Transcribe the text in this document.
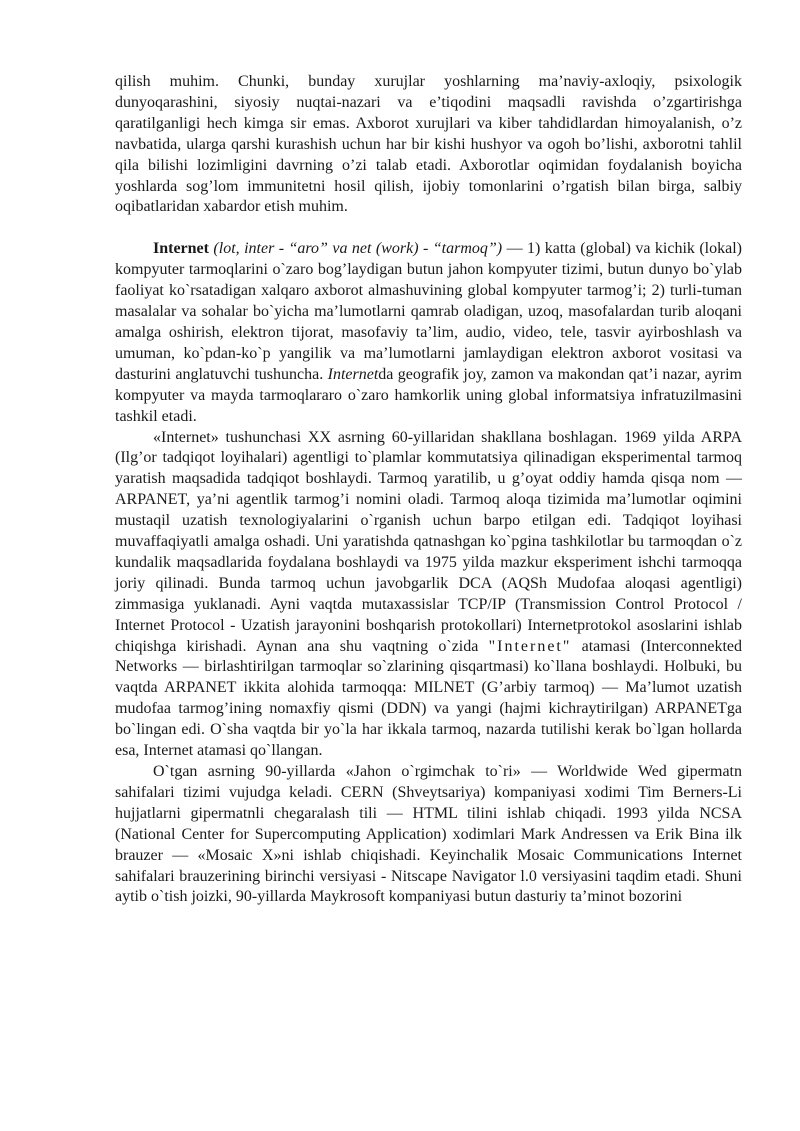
qilish muhim. Chunki, bunday xurujlar yoshlarning ma’naviy-axloqiy, psixologik dunyoqarashini, siyosiy nuqtai-nazari va e’tiqodini maqsadli ravishda o’zgartirishga qaratilganligi hech kimga sir emas. Axborot xurujlari va kiber tahdidlardan himoyalanish, o’z navbatida, ularga qarshi kurashish uchun har bir kishi hushyor va ogoh bo’lishi, axborotni tahlil qila bilishi lozimligini davrning o’zi talab etadi. Axborotlar oqimidan foydalanish boyicha yoshlarda sog’lom immunitetni hosil qilish, ijobiy tomonlarini o’rgatish bilan birga, salbiy oqibatlaridan xabardor etish muhim.

Internet (lot, inter - “aro” va net (work) - “tarmoq”) — 1) katta (global) va kichik (lokal) kompyuter tarmoqlarini o`zaro bog’laydigan butun jahon kompyuter tizimi, butun dunyo bo`ylab faoliyat ko`rsatadigan xalqaro axborot almashuvining global kompyuter tarmog’i; 2) turli-tuman masalalar va sohalar bo`yicha ma’lumotlarni qamrab oladigan, uzoq, masofalardan turib aloqani amalga oshirish, elektron tijorat, masofaviy ta’lim, audio, video, tele, tasvir ayirboshlash va umuman, ko`pdan-ko`p yangilik va ma’lumotlarni jamlaydigan elektron axborot vositasi va dasturini anglatuvchi tushuncha. Internetda geografik joy, zamon va makondan qat’i nazar, ayrim kompyuter va mayda tarmoqlararo o`zaro hamkorlik uning global informatsiya infratuzilmasini tashkil etadi.

«Internet» tushunchasi XX asrning 60-yillaridan shakllana boshlagan. 1969 yilda ARPA (Ilg’or tadqiqot loyihalari) agentligi to`plamlar kommutatsiya qilinadigan eksperimental tarmoq yaratish maqsadida tadqiqot boshlaydi. Tarmoq yaratilib, u g’oyat oddiy hamda qisqa nom — ARPANET, ya’ni agentlik tarmog’i nomini oladi. Tarmoq aloqa tizimida ma’lumotlar oqimini mustaqil uzatish texnologiyalarini o`rganish uchun barpo etilgan edi. Tadqiqot loyihasi muvaffaqiyatli amalga oshadi. Uni yaratishda qatnashgan ko`pgina tashkilotlar bu tarmoqdan o`z kundalik maqsadlarida foydalana boshlaydi va 1975 yilda mazkur eksperiment ishchi tarmoqqa joriy qilinadi. Bunda tarmoq uchun javobgarlik DCA (AQSh Mudofaa aloqasi agentligi) zimmasiga yuklanadi. Ayni vaqtda mutaxassislar TCP/IP (Transmission Control Protocol / Internet Protocol - Uzatish jarayonini boshqarish protokollari) Internetprotokol asoslarini ishlab chiqishga kirishadi. Aynan ana shu vaqtning o`zida "Internet" atamasi (Interconnekted Networks — birlashtirilgan tarmoqlar so`zlarining qisqartmasi) ko`llana boshlaydi. Holbuki, bu vaqtda ARPANET ikkita alohida tarmoqqa: MILNET (G’arbiy tarmoq) — Ma’lumot uzatish mudofaa tarmog’ining nomaxfiy qismi (DDN) va yangi (hajmi kichraytirilgan) ARPANETga bo`lingan edi. O`sha vaqtda bir yo`la har ikkala tarmoq, nazarda tutilishi kerak bo`lgan hollarda esa, Internet atamasi qo`llangan.

O`tgan asrning 90-yillarda «Jahon o`rgimchak to`ri» — Worldwide Wed gipermatn sahifalari tizimi vujudga keladi. CERN (Shveytsariya) kompaniyasi xodimi Tim Berners-Li hujjatlarni gipermatnli chegaralash tili — HTML tilini ishlab chiqadi. 1993 yilda NCSA (National Center for Supercomputing Application) xodimlari Mark Andressen va Erik Bina ilk brauzer — «Mosaic X»ni ishlab chiqishadi. Keyinchalik Mosaic Communications Internet sahifalari brauzerining birinchi versiyasi - Nitscape Navigator l.0 versiyasini taqdim etadi. Shuni aytib o`tish joizki, 90-yillarda Maykrosoft kompaniyasi butun dasturiy ta’minot bozorini
